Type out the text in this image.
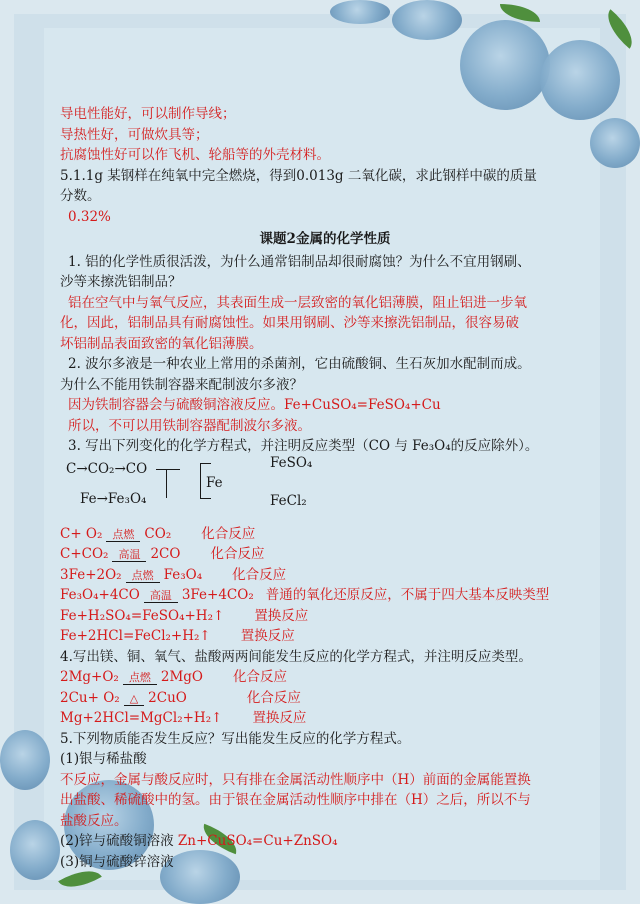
导电性能好，可以制作导线；
导热性好，可做炊具等；
抗腐蚀性好可以作飞机、轮船等的外壳材料。
5.1.1g 某钢样在纯氧中完全燃烧，得到0.013g 二氧化碳，求此钢样中碳的质量
分数。
0.32%
课题2金属的化学性质
1. 铝的化学性质很活泼，为什么通常铝制品却很耐腐蚀？为什么不宜用钢刷、
沙等来擦洗铝制品？
铝在空气中与氧气反应，其表面生成一层致密的氧化铝薄膜，阻止铝进一步氧
化，因此，铝制品具有耐腐蚀性。如果用钢刷、沙等来擦洗铝制品，很容易破
坏铝制品表面致密的氧化铝薄膜。
2. 波尔多液是一种农业上常用的杀菌剂，它由硫酸铜、生石灰加水配制而成。
为什么不能用铁制容器来配制波尔多液？
因为铁制容器会与硫酸铜溶液反应。Fe+CuSO₄=FeSO₄+Cu
所以，不可以用铁制容器配制波尔多液。
3. 写出下列变化的化学方程式，并注明反应类型（CO 与 Fe₃O₄的反应除外）。
C→CO₂→CO
Fe→Fe₃O₄
Fe
FeSO₄
FeCl₂
C+ O₂ 点燃 CO₂ 化合反应
C+CO₂ 高温 2CO 化合反应
3Fe+2O₂ 点燃 Fe₃O₄ 化合反应
Fe₃O₄+4CO 高温 3Fe+4CO₂ 普通的氧化还原反应，不属于四大基本反映类型
Fe+H₂SO₄=FeSO₄+H₂↑ 置换反应
Fe+2HCl=FeCl₂+H₂↑ 置换反应
4.写出镁、铜、氧气、盐酸两两间能发生反应的化学方程式，并注明反应类型。
2Mg+O₂ 点燃 2MgO 化合反应
2Cu+ O₂ △ 2CuO	化合反应
Mg+2HCl=MgCl₂+H₂↑ 置换反应
5.下列物质能否发生反应？写出能发生反应的化学方程式。
(1)银与稀盐酸
不反应，金属与酸反应时，只有排在金属活动性顺序中（H）前面的金属能置换
出盐酸、稀硫酸中的氢。由于银在金属活动性顺序中排在（H）之后，所以不与
盐酸反应。
(2)锌与硫酸铜溶液 Zn+CuSO₄=Cu+ZnSO₄
(3)铜与硫酸锌溶液
